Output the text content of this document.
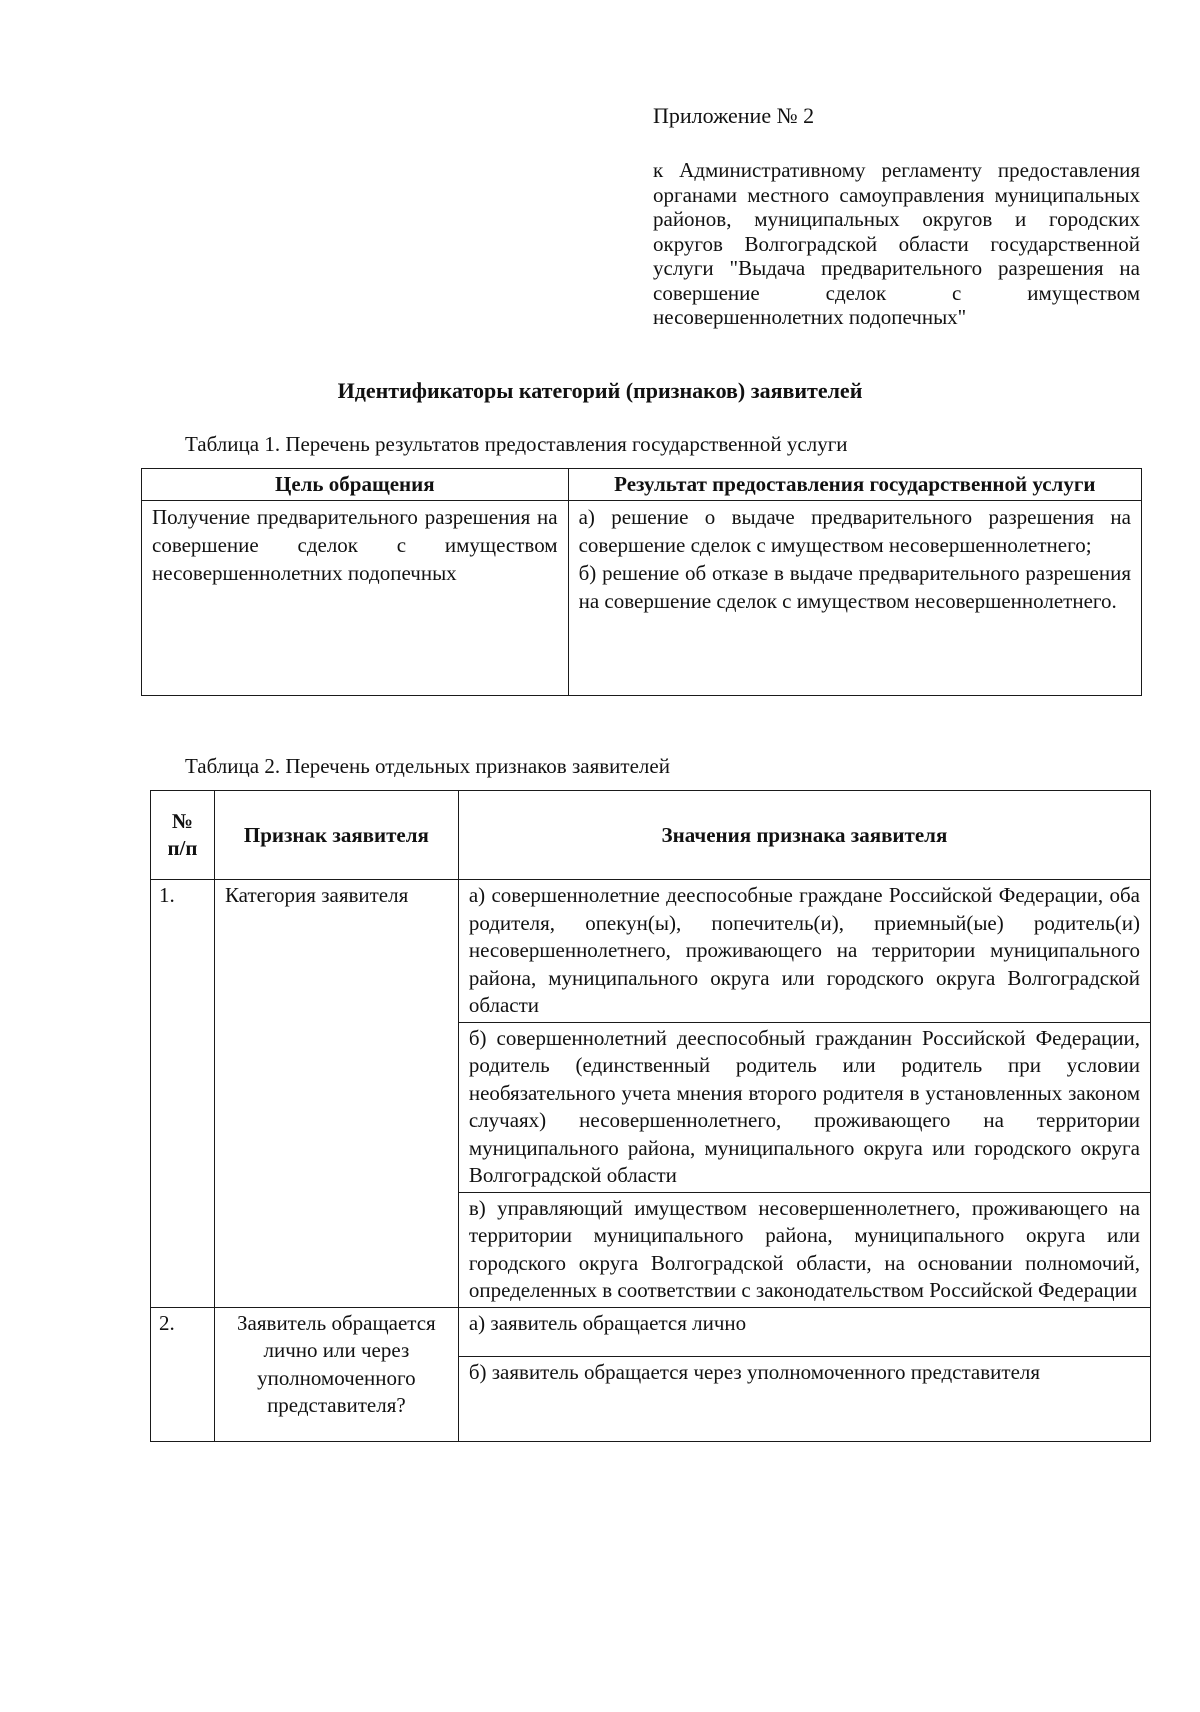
Приложение № 2
к Административному регламенту предоставления органами местного самоуправления муниципальных районов, муниципальных округов и городских округов Волгоградской области государственной услуги "Выдача предварительного разрешения на совершение сделок с имуществом несовершеннолетних подопечных"
Идентификаторы категорий (признаков) заявителей
Таблица 1. Перечень результатов предоставления государственной услуги
Цель обращения	Результат предоставления государственной услуги
Получение предварительного разрешения на совершение сделок с имуществом несовершеннолетних подопечных	а) решение о выдаче предварительного разрешения на совершение сделок с имуществом несовершеннолетнего;
б) решение об отказе в выдаче предварительного разрешения на совершение сделок с имуществом несовершеннолетнего.
Таблица 2. Перечень отдельных признаков заявителей
№ п/п	Признак заявителя	Значения признака заявителя
1.	Категория заявителя	а) совершеннолетние дееспособные граждане Российской Федерации, оба родителя, опекун(ы), попечитель(и), приемный(ые) родитель(и) несовершеннолетнего, проживающего на территории муниципального района, муниципального округа или городского округа Волгоградской области
		б) совершеннолетний дееспособный гражданин Российской Федерации, родитель (единственный родитель или родитель при условии необязательного учета мнения второго родителя в установленных законом случаях) несовершеннолетнего, проживающего на территории муниципального района, муниципального округа или городского округа Волгоградской области
		в) управляющий имуществом несовершеннолетнего, проживающего на территории муниципального района, муниципального округа или городского округа Волгоградской области, на основании полномочий, определенных в соответствии с законодательством Российской Федерации
2.	Заявитель обращается лично или через уполномоченного представителя?	а) заявитель обращается лично
		б) заявитель обращается через уполномоченного представителя
